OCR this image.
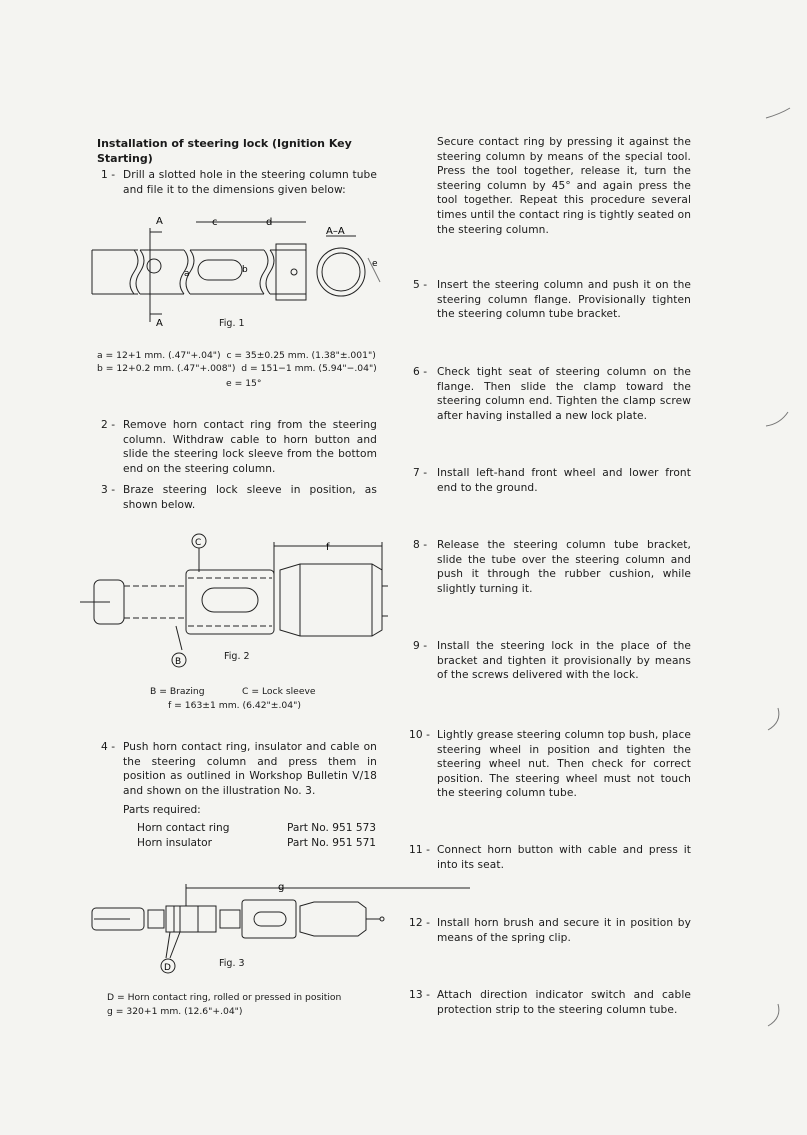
Installation of steering lock (Ignition Key Starting)
1 - Drill a slotted hole in the steering column tube and file it to the dimensions given below:
A
A
c	d
A–A
a	b
e
Fig. 1
a = 12+1 mm. (.47"+.04") c = 35±0.25 mm. (1.38"±.001")
b = 12+0.2 mm. (.47"+.008") d = 151−1 mm. (5.94"−.04")
e = 15°
2 - Remove horn contact ring from the steering column. Withdraw cable to horn button and slide the steering lock sleeve from the bottom end on the steering column.
3 - Braze steering lock sleeve in position, as shown below.
C	f
B	Fig. 2
B = Brazing	C = Lock sleeve
f = 163±1 mm. (6.42"±.04")
4 - Push horn contact ring, insulator and cable on the steering column and press them in position as outlined in Workshop Bulletin V/18 and shown on the illustration No. 3.
Parts required:
Horn contact ring	Part No. 951 573
Horn insulator	Part No. 951 571
g
D	Fig. 3
D = Horn contact ring, rolled or pressed in position
g = 320+1 mm. (12.6"+.04")
Secure contact ring by pressing it against the steering column by means of the special tool. Press the tool together, release it, turn the steering column by 45° and again press the tool together. Repeat this procedure several times until the contact ring is tightly seated on the steering column.
5 - Insert the steering column and push it on the steering column flange. Provisionally tighten the steering column tube bracket.
6 - Check tight seat of steering column on the flange. Then slide the clamp toward the steering column end. Tighten the clamp screw after having installed a new lock plate.
7 - Install left-hand front wheel and lower front end to the ground.
8 - Release the steering column tube bracket, slide the tube over the steering column and push it through the rubber cushion, while slightly turning it.
9 - Install the steering lock in the place of the bracket and tighten it provisionally by means of the screws delivered with the lock.
10 - Lightly grease steering column top bush, place steering wheel in position and tighten the steering wheel nut. Then check for correct position. The steering wheel must not touch the steering column tube.
11 - Connect horn button with cable and press it into its seat.
12 - Install horn brush and secure it in position by means of the spring clip.
13 - Attach direction indicator switch and cable protection strip to the steering column tube.
